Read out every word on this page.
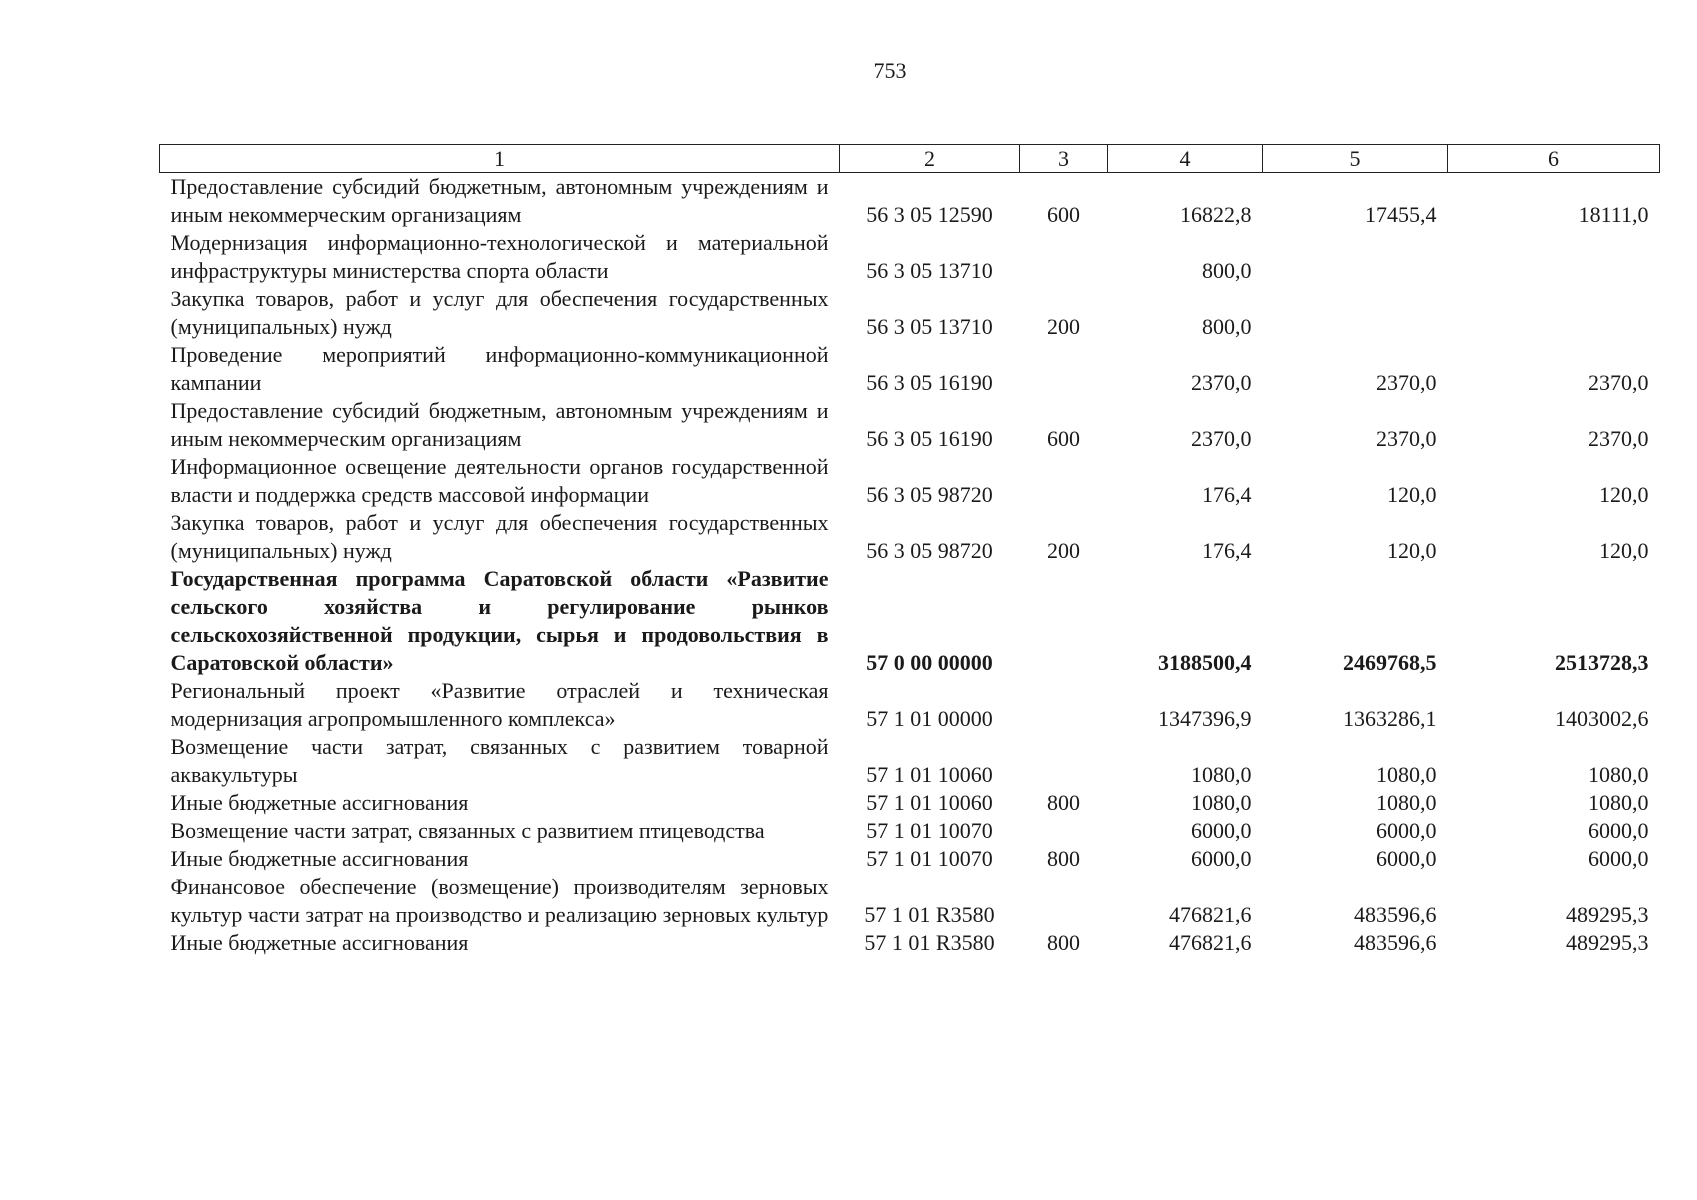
753
1	2	3	4	5	6
Предоставление субсидий бюджетным, автономным учреждениям и иным некоммерческим организациям	56 3 05 12590	600	16822,8	17455,4	18111,0
Модернизация информационно-технологической и материальной инфраструктуры министерства спорта области	56 3 05 13710		800,0		
Закупка товаров, работ и услуг для обеспечения государственных (муниципальных) нужд	56 3 05 13710	200	800,0		
Проведение мероприятий информационно-коммуникационной кампании	56 3 05 16190		2370,0	2370,0	2370,0
Предоставление субсидий бюджетным, автономным учреждениям и иным некоммерческим организациям	56 3 05 16190	600	2370,0	2370,0	2370,0
Информационное освещение деятельности органов государственной власти и поддержка средств массовой информации	56 3 05 98720		176,4	120,0	120,0
Закупка товаров, работ и услуг для обеспечения государственных (муниципальных) нужд	56 3 05 98720	200	176,4	120,0	120,0
Государственная программа Саратовской области «Развитие сельского хозяйства и регулирование рынков сельскохозяйственной продукции, сырья и продовольствия в Саратовской области»	57 0 00 00000		3188500,4	2469768,5	2513728,3
Региональный проект «Развитие отраслей и техническая модернизация агропромышленного комплекса»	57 1 01 00000		1347396,9	1363286,1	1403002,6
Возмещение части затрат, связанных с развитием товарной аквакультуры	57 1 01 10060		1080,0	1080,0	1080,0
Иные бюджетные ассигнования	57 1 01 10060	800	1080,0	1080,0	1080,0
Возмещение части затрат, связанных с развитием птицеводства	57 1 01 10070		6000,0	6000,0	6000,0
Иные бюджетные ассигнования	57 1 01 10070	800	6000,0	6000,0	6000,0
Финансовое обеспечение (возмещение) производителям зерновых культур части затрат на производство и реализацию зерновых культур	57 1 01 R3580		476821,6	483596,6	489295,3
Иные бюджетные ассигнования	57 1 01 R3580	800	476821,6	483596,6	489295,3
